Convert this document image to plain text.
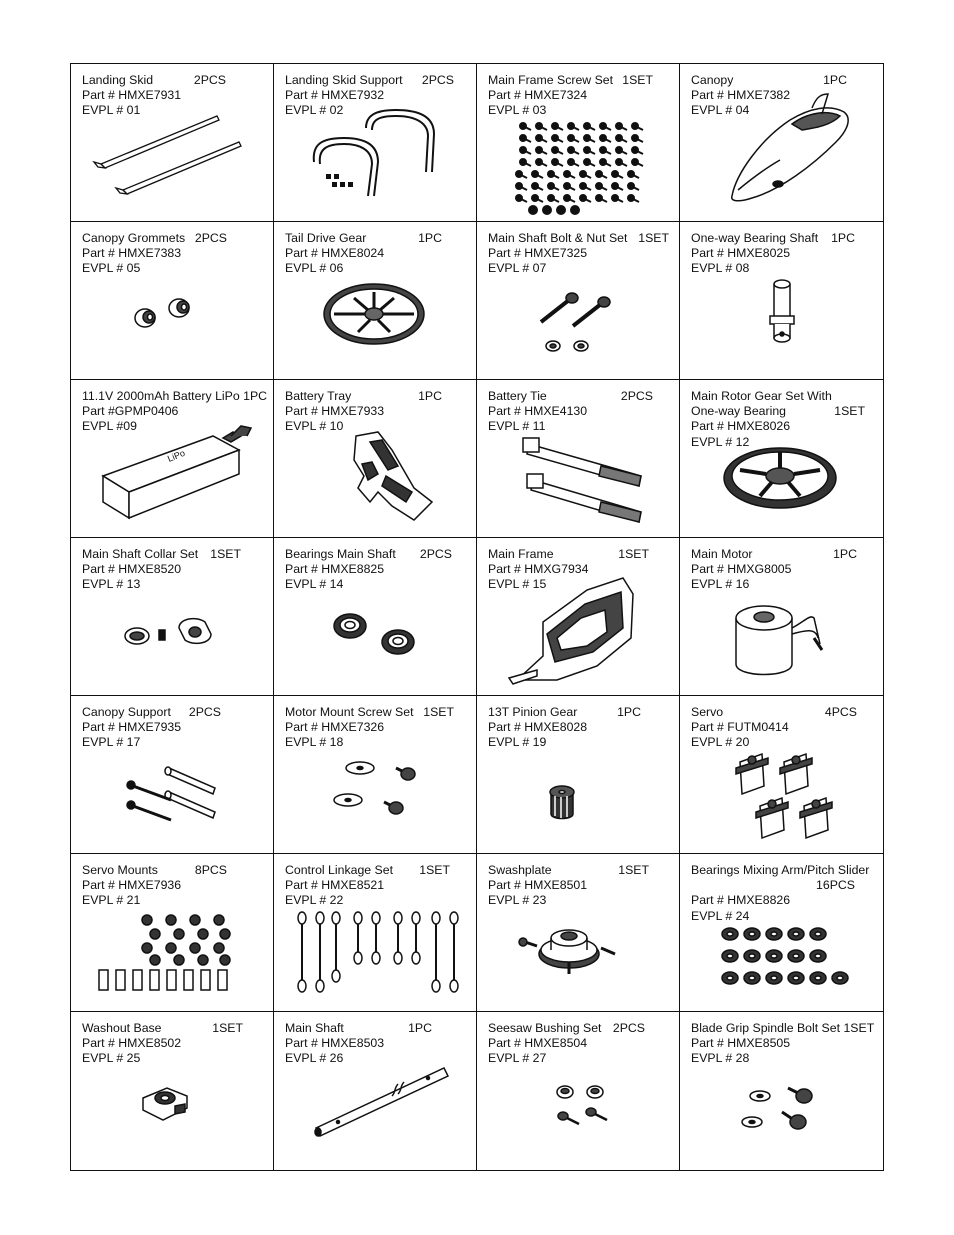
Landing Skid	2PCS
Part # HMXE7931
EVPL # 01
Landing Skid Support 2PCS
Part # HMXE7932
EVPL # 02
Main Frame Screw Set 1SET
Part # HMXE7324
EVPL # 03
Canopy	1PC
Part # HMXE7382
EVPL # 04
Canopy Grommets 2PCS
Part # HMXE7383
EVPL # 05
Tail Drive Gear	1PC
Part # HMXE8024
EVPL # 06
Main Shaft Bolt & Nut Set 1SET
Part # HMXE7325
EVPL # 07
One-way Bearing Shaft 1PC
Part # HMXE8025
EVPL # 08
11.1V 2000mAh Battery LiPo 1PC
Part #GPMP0406
EVPL #09
LiPo
Battery Tray	1PC
Part # HMXE7933
EVPL # 10
Battery Tie	2PCS
Part # HMXE4130
EVPL # 11
Main Rotor Gear Set With
One-way Bearing	1SET
Part # HMXE8026
EVPL # 12
Main Shaft Collar Set 1SET
Part # HMXE8520
EVPL # 13
Bearings Main Shaft 2PCS
Part # HMXE8825
EVPL # 14
Main Frame	1SET
Part # HMXG7934
EVPL # 15
Main Motor	1PC
Part # HMXG8005
EVPL # 16
Canopy Support 2PCS
Part # HMXE7935
EVPL # 17
Motor Mount Screw Set 1SET
Part # HMXE7326
EVPL # 18
13T Pinion Gear	1PC
Part # HMXE8028
EVPL # 19
Servo	4PCS
Part # FUTM0414
EVPL # 20
Servo Mounts	8PCS
Part # HMXE7936
EVPL # 21
Control Linkage Set 1SET
Part # HMXE8521
EVPL # 22
Swashplate	1SET
Part # HMXE8501
EVPL # 23
Bearings Mixing Arm/Pitch Slider
16PCS
Part # HMXE8826
EVPL # 24
Washout Base	1SET
Part # HMXE8502
EVPL # 25
Main Shaft	1PC
Part # HMXE8503
EVPL # 26
Seesaw Bushing Set 2PCS
Part # HMXE8504
EVPL # 27
Blade Grip Spindle Bolt Set 1SET
Part # HMXE8505
EVPL # 28
